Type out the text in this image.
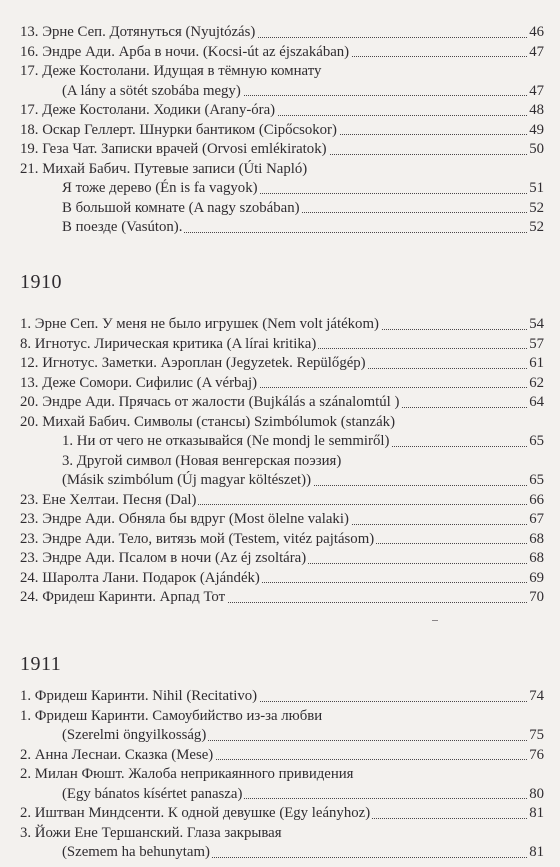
13. Эрне Сеп. Дотянуться (Nyujtózás)	46
16. Эндре Ади. Арба в ночи. (Kocsi-út az éjszakában)	47
17. Деже Костолани. Идущая в тёмную комнату
(A lány a sötét szobába megy)	47
17. Деже Костолани. Ходики (Arany-óra)	48
18. Оскар Геллерт. Шнурки бантиком (Cipőcsokor)	49
19. Геза Чат. Записки врачей (Orvosi emlékiratok)	50
21. Михай Бабич. Путевые записи (Úti Napló)
Я тоже дерево (Én is fa vagyok)	51
В большой комнате (A nagy szobában)	52
В поезде (Vasúton).	52
1910
1. Эрне Сеп. У меня не было игрушек (Nem volt játékom)	54
8. Игнотус. Лирическая критика (A lírai kritika)	57
12. Игнотус. Заметки. Аэроплан (Jegyzetek. Repülőgép)	61
13. Деже Сомори. Сифилис (A vérbaj)	62
20. Эндре Ади. Прячась от жалости (Bujkálás a szánalomtúl )	64
20. Михай Бабич. Символы (стансы) Szimbólumok (stanzák)
1. Ни от чего не отказывайся (Ne mondj le semmiről)	65
3. Другой символ (Новая венгерская поэзия)
(Másik szimbólum (Új magyar költészet))	65
23. Ене Хелтаи. Песня (Dal)	66
23. Эндре Ади. Обняла бы вдруг (Most ölelne valaki)	67
23. Эндре Ади. Тело, витязь мой (Testem, vitéz pajtásom)	68
23. Эндре Ади. Псалом в ночи (Az éj zsoltára)	68
24. Шаролта Лани. Подарок (Ajándék)	69
24. Фридеш Каринти. Арпад Тот	70
1911
1. Фридеш Каринти. Nihil (Recitativo)	74
1. Фридеш Каринти. Самоубийство из-за любви
(Szerelmi öngyilkosság)	75
2. Анна Леснаи. Сказка (Mese)	76
2. Милан Фюшт. Жалоба неприкаянного привидения
(Egy bánatos kísértet panasza)	80
2. Иштван Миндсенти. К одной девушке (Egy leányhoz)	81
3. Йожи Ене Тершанский. Глаза закрывая
(Szemem ha behunytam)	81
